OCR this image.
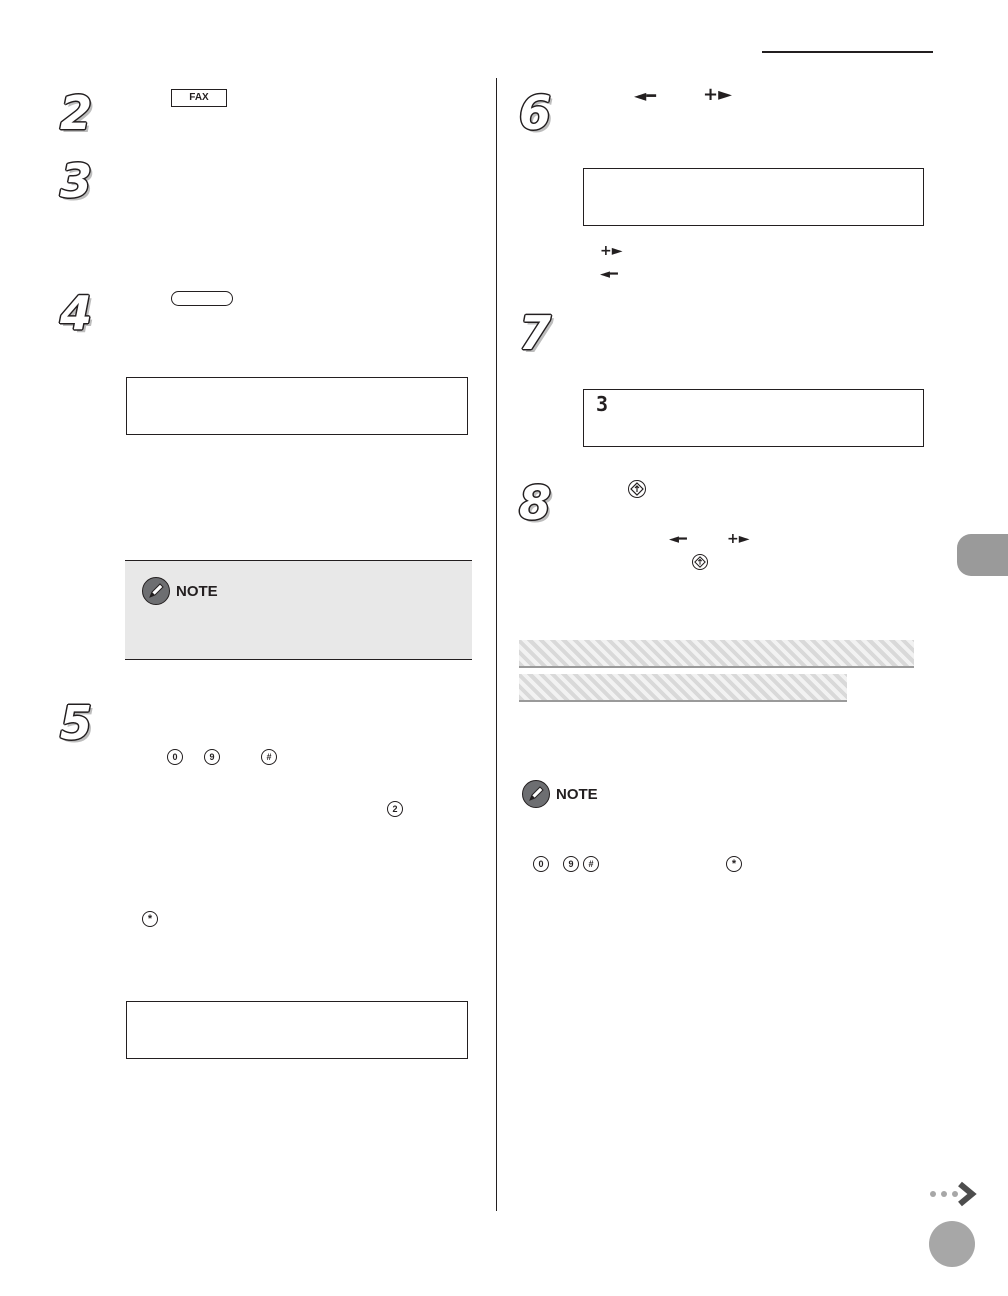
2	FAX
3
4
NOTE
5
0	9	#
2
*
6	◄━	+►
+►
◄━
7
3
8
◄━	+►
NOTE
0	9	#	*
